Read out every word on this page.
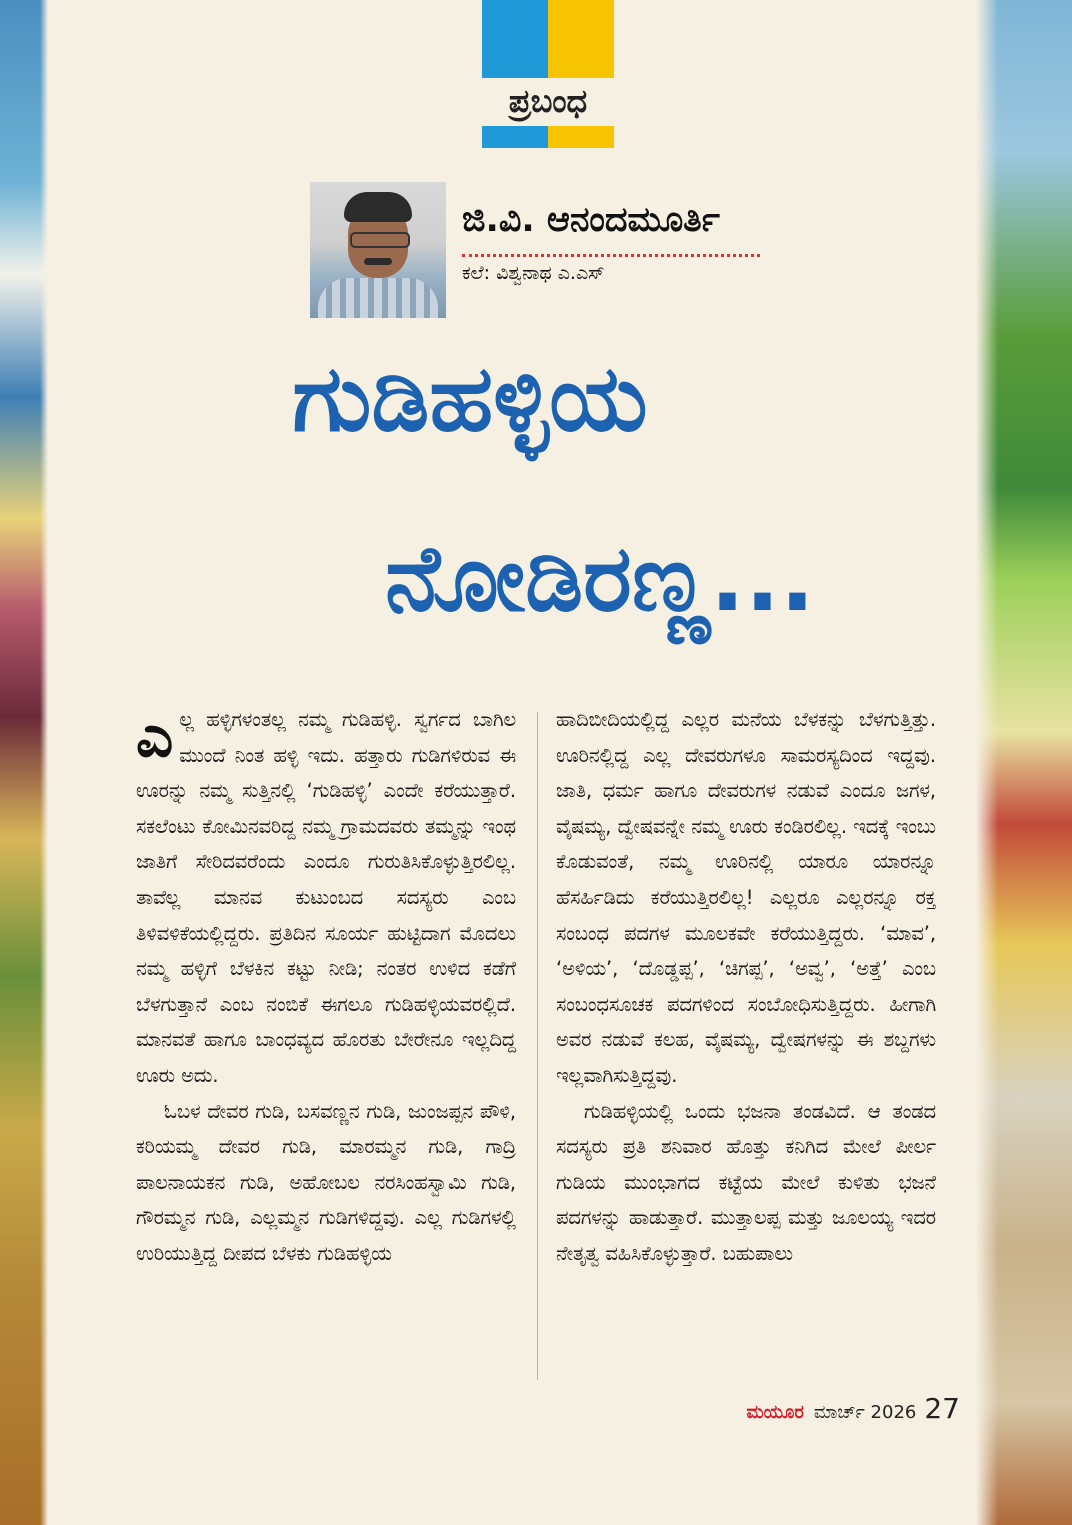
ಪ್ರಬಂಧ
ಜಿ.ವಿ. ಆನಂದಮೂರ್ತಿ
ಕಲೆ: ವಿಶ್ವನಾಥ ಎ.ಎಸ್
ಗುಡಿಹಳ್ಳಿಯ
ನೋಡಿರಣ್ಣ...

ಎಲ್ಲ ಹಳ್ಳಿಗಳಂತಲ್ಲ ನಮ್ಮ ಗುಡಿಹಳ್ಳಿ. ಸ್ವರ್ಗದ ಬಾಗಿಲ ಮುಂದೆ ನಿಂತ ಹಳ್ಳಿ ಇದು. ಹತ್ತಾರು ಗುಡಿಗಳಿರುವ ಈ ಊರನ್ನು ನಮ್ಮ ಸುತ್ತಿನಲ್ಲಿ ‘ಗುಡಿಹಳ್ಳಿ’ ಎಂದೇ ಕರೆಯುತ್ತಾರೆ. ಸಕಲೆಂಟು ಕೋಮಿನವರಿದ್ದ ನಮ್ಮ ಗ್ರಾಮದವರು ತಮ್ಮನ್ನು ಇಂಥ ಜಾತಿಗೆ ಸೇರಿದವರೆಂದು ಎಂದೂ ಗುರುತಿಸಿಕೊಳ್ಳುತ್ತಿರಲಿಲ್ಲ. ತಾವೆಲ್ಲ ಮಾನವ ಕುಟುಂಬದ ಸದಸ್ಯರು ಎಂಬ ತಿಳಿವಳಿಕೆಯಲ್ಲಿದ್ದರು. ಪ್ರತಿದಿನ ಸೂರ್ಯ ಹುಟ್ಟಿದಾಗ ಮೊದಲು ನಮ್ಮ ಹಳ್ಳಿಗೆ ಬೆಳಕಿನ ಕಟ್ಟು ನೀಡಿ; ನಂತರ ಉಳಿದ ಕಡೆಗೆ ಬೆಳಗುತ್ತಾನೆ ಎಂಬ ನಂಬಿಕೆ ಈಗಲೂ ಗುಡಿಹಳ್ಳಿಯವರಲ್ಲಿದೆ. ಮಾನವತೆ ಹಾಗೂ ಬಾಂಧವ್ಯದ ಹೊರತು ಬೇರೇನೂ ಇಲ್ಲದಿದ್ದ ಊರು ಅದು.

ಓಬಳ ದೇವರ ಗುಡಿ, ಬಸವಣ್ಣನ ಗುಡಿ, ಜುಂಜಪ್ಪನ ಪೌಳಿ, ಕರಿಯಮ್ಮ ದೇವರ ಗುಡಿ, ಮಾರಮ್ಮನ ಗುಡಿ, ಗಾದ್ರಿ ಪಾಲನಾಯಕನ ಗುಡಿ, ಅಹೋಬಲ ನರಸಿಂಹಸ್ವಾಮಿ ಗುಡಿ, ಗೌರಮ್ಮನ ಗುಡಿ, ಎಲ್ಲಮ್ಮನ ಗುಡಿಗಳಿದ್ದವು. ಎಲ್ಲ ಗುಡಿಗಳಲ್ಲಿ ಉರಿಯುತ್ತಿದ್ದ ದೀಪದ ಬೆಳಕು ಗುಡಿಹಳ್ಳಿಯ

ಹಾದಿಬೀದಿಯಲ್ಲಿದ್ದ ಎಲ್ಲರ ಮನೆಯ ಬೆಳಕನ್ನು ಬೆಳಗುತ್ತಿತ್ತು. ಊರಿನಲ್ಲಿದ್ದ ಎಲ್ಲ ದೇವರುಗಳೂ ಸಾಮರಸ್ಯದಿಂದ ಇದ್ದವು. ಜಾತಿ, ಧರ್ಮ ಹಾಗೂ ದೇವರುಗಳ ನಡುವೆ ಎಂದೂ ಜಗಳ, ವೈಷಮ್ಯ, ದ್ವೇಷವನ್ನೇ ನಮ್ಮ ಊರು ಕಂಡಿರಲಿಲ್ಲ. ಇದಕ್ಕೆ ಇಂಬು ಕೊಡುವಂತೆ, ನಮ್ಮ ಊರಿನಲ್ಲಿ ಯಾರೂ ಯಾರನ್ನೂ ಹೆಸರ್ಹಿಡಿದು ಕರೆಯುತ್ತಿರಲಿಲ್ಲ! ಎಲ್ಲರೂ ಎಲ್ಲರನ್ನೂ ರಕ್ತ ಸಂಬಂಧ ಪದಗಳ ಮೂಲಕವೇ ಕರೆಯುತ್ತಿದ್ದರು. ‘ಮಾವ’, ‘ಅಳಿಯ’, ‘ದೊಡ್ಡಪ್ಪ’, ‘ಚಿಗಪ್ಪ’, ‘ಅವ್ವ’, ‘ಅತ್ತೆ’ ಎಂಬ ಸಂಬಂಧಸೂಚಕ ಪದಗಳಿಂದ ಸಂಬೋಧಿಸುತ್ತಿದ್ದರು. ಹೀಗಾಗಿ ಅವರ ನಡುವೆ ಕಲಹ, ವೈಷಮ್ಯ, ದ್ವೇಷಗಳನ್ನು ಈ ಶಬ್ದಗಳು ಇಲ್ಲವಾಗಿಸುತ್ತಿದ್ದವು.

ಗುಡಿಹಳ್ಳಿಯಲ್ಲಿ ಒಂದು ಭಜನಾ ತಂಡವಿದೆ. ಆ ತಂಡದ ಸದಸ್ಯರು ಪ್ರತಿ ಶನಿವಾರ ಹೊತ್ತು ಕನಿಗಿದ ಮೇಲೆ ಪೀರ್ಲ ಗುಡಿಯ ಮುಂಭಾಗದ ಕಟ್ಟೆಯ ಮೇಲೆ ಕುಳಿತು ಭಜನೆ ಪದಗಳನ್ನು ಹಾಡುತ್ತಾರೆ. ಮುತ್ತಾಲಪ್ಪ ಮತ್ತು ಜೂಲಯ್ಯ ಇದರ ನೇತೃತ್ವ ವಹಿಸಿಕೊಳ್ಳುತ್ತಾರೆ. ಬಹುಪಾಲು

ಮಯೂರ ಮಾರ್ಚ್ 2026 27
